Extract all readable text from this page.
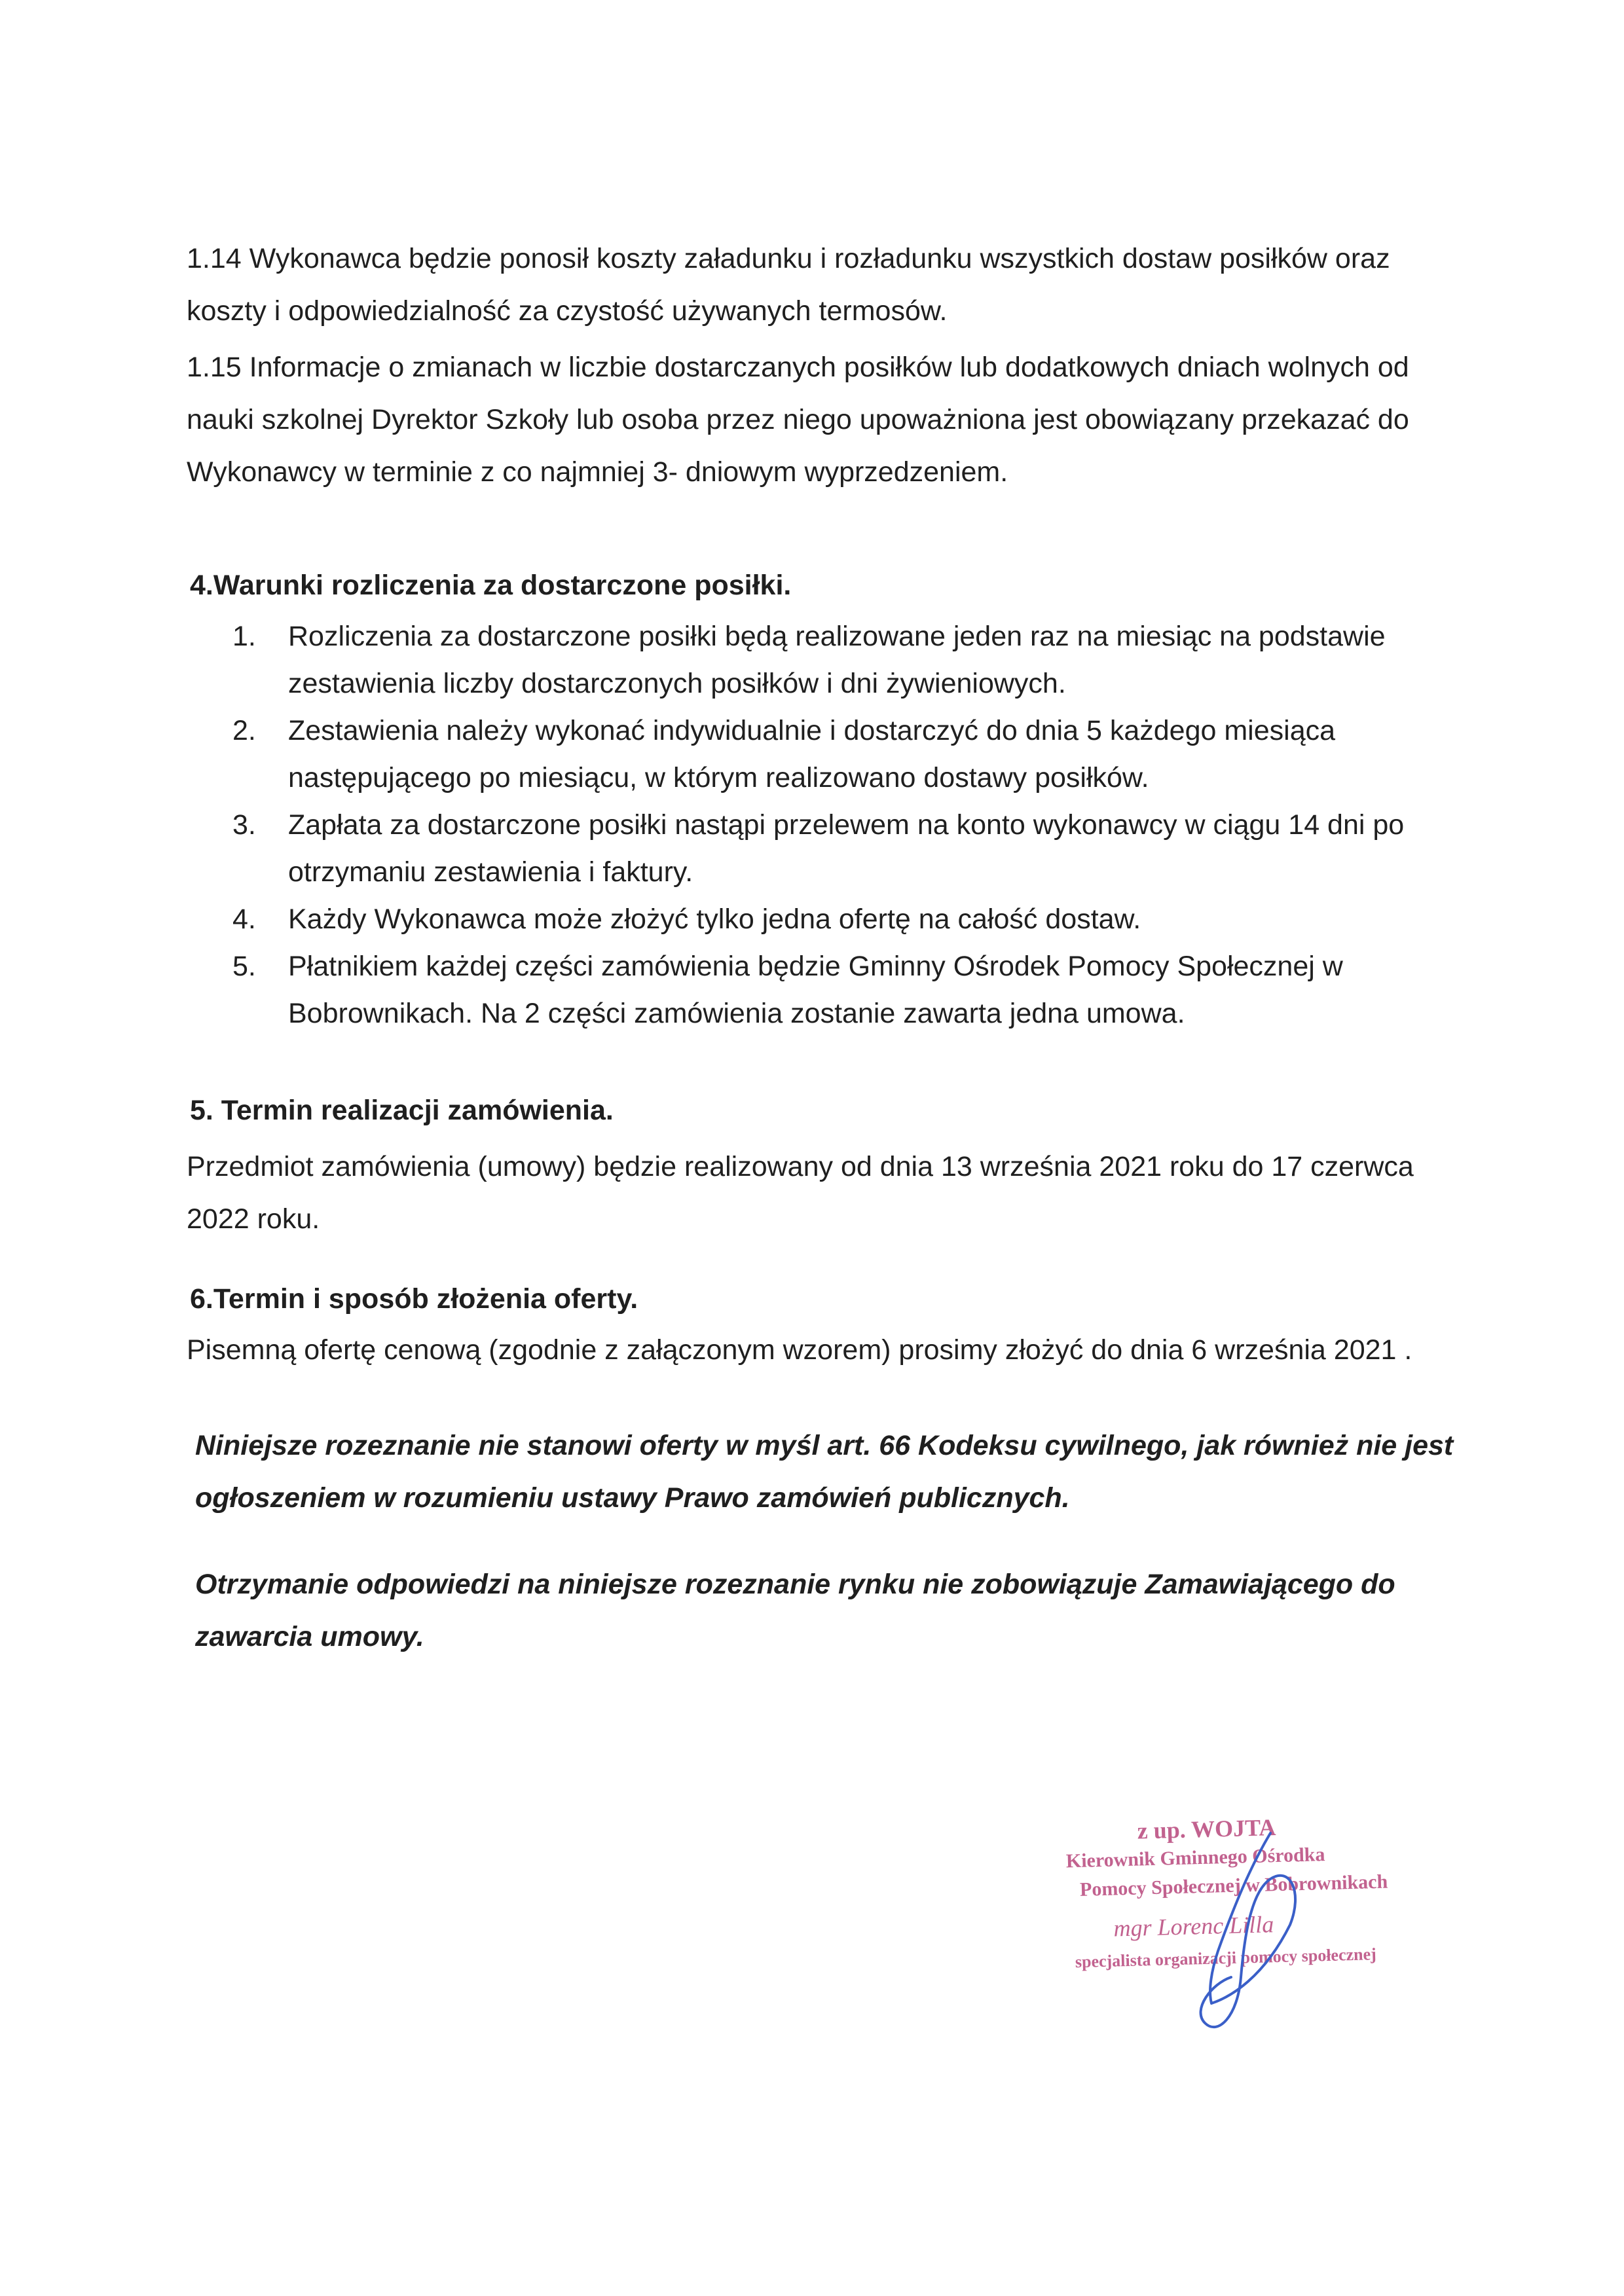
1.14 Wykonawca będzie ponosił koszty załadunku i rozładunku wszystkich dostaw posiłków oraz koszty i odpowiedzialność za czystość używanych termosów.

1.15 Informacje o zmianach w liczbie dostarczanych posiłków lub dodatkowych dniach wolnych od nauki szkolnej Dyrektor Szkoły lub osoba przez niego upoważniona jest obowiązany przekazać do Wykonawcy w terminie z co najmniej 3- dniowym wyprzedzeniem.

4.Warunki rozliczenia za dostarczone posiłki.
1. Rozliczenia za dostarczone posiłki będą realizowane jeden raz na miesiąc na podstawie zestawienia liczby dostarczonych posiłków i dni żywieniowych.
2. Zestawienia należy wykonać indywidualnie i dostarczyć do dnia 5 każdego miesiąca następującego po miesiącu, w którym realizowano dostawy posiłków.
3. Zapłata za dostarczone posiłki nastąpi przelewem na konto wykonawcy w ciągu 14 dni po otrzymaniu zestawienia i faktury.
4. Każdy Wykonawca może złożyć tylko jedna ofertę na całość dostaw.
5. Płatnikiem każdej części zamówienia będzie Gminny Ośrodek Pomocy Społecznej w Bobrownikach. Na 2 części zamówienia zostanie zawarta jedna umowa.
5. Termin realizacji zamówienia.

Przedmiot zamówienia (umowy) będzie realizowany od dnia 13 września 2021 roku do 17 czerwca 2022 roku.

6.Termin i sposób złożenia oferty.

Pisemną ofertę cenową (zgodnie z załączonym wzorem) prosimy złożyć do dnia 6 września 2021 .

Niniejsze rozeznanie nie stanowi oferty w myśl art. 66 Kodeksu cywilnego, jak również nie jest ogłoszeniem w rozumieniu ustawy Prawo zamówień publicznych.

Otrzymanie odpowiedzi na niniejsze rozeznanie rynku nie zobowiązuje Zamawiającego do zawarcia umowy.

z up. WOJTA
Kierownik Gminnego Ośrodka
Pomocy Społecznej w Bobrownikach
mgr Lorenc Lilla
specjalista organizacji pomocy społecznej
